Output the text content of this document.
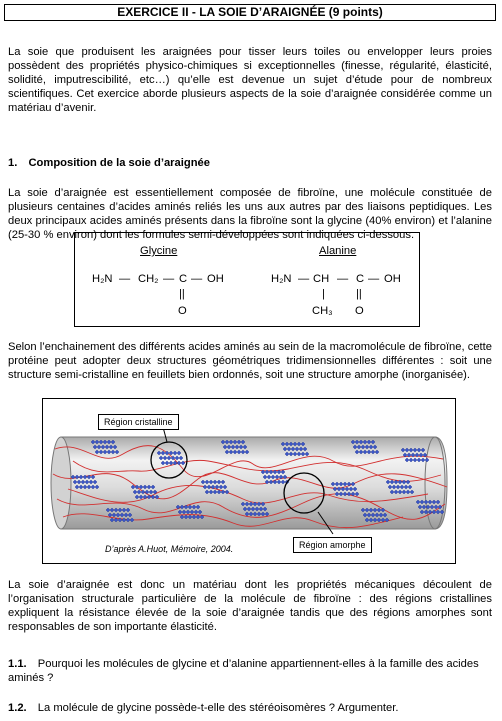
EXERCICE II - LA SOIE D’ARAIGNÉE (9 points)
La soie que produisent les araignées pour tisser leurs toiles ou envelopper leurs proies possèdent des propriétés physico-chimiques si exceptionnelles (finesse, régularité, élasticité, solidité, imputrescibilité, etc…) qu’elle est devenue un sujet d’étude pour de nombreux scientifiques. Cet exercice aborde plusieurs aspects de la soie d’araignée considérée comme un matériau d’avenir.
1. Composition de la soie d’araignée
La soie d’araignée est essentiellement composée de fibroïne, une molécule constituée de plusieurs centaines d’acides aminés reliés les uns aux autres par des liaisons peptidiques. Les deux principaux acides aminés présents dans la fibroïne sont la glycine (40% environ) et l’alanine (25-30 % environ) dont les formules semi-développées sont indiquées ci-dessous.
Glycine
H₂N — CH₂ — C — OH
||
O
Alanine
H₂N — CH — C — OH
|	||
CH₃ O
Selon l’enchainement des différents acides aminés au sein de la macromolécule de fibroïne, cette protéine peut adopter deux structures géométriques tridimensionnelles différentes : soit une structure semi-cristalline en feuillets bien ordonnés, soit une structure amorphe (inorganisée).
Région cristalline
Région amorphe
D’après A.Huot, Mémoire, 2004.
La soie d’araignée est donc un matériau dont les propriétés mécaniques découlent de l’organisation structurale particulière de la molécule de fibroïne : des régions cristallines expliquent la résistance élevée de la soie d’araignée tandis que des régions amorphes sont responsables de son importante élasticité.
1.1. Pourquoi les molécules de glycine et d’alanine appartiennent-elles à la famille des acides aminés ?
1.2. La molécule de glycine possède-t-elle des stéréoisomères ? Argumenter.
